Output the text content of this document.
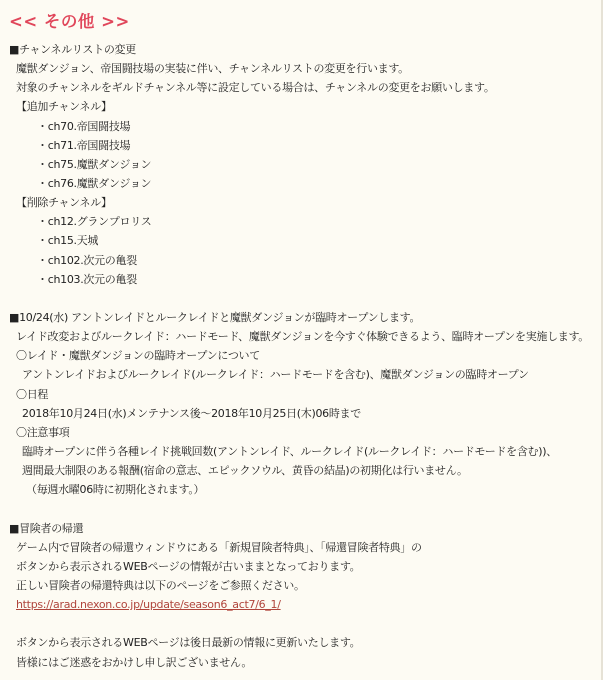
<< その他 >>
■チャンネルリストの変更
魔獣ダンジョン、帝国闘技場の実装に伴い、チャンネルリストの変更を行います。
対象のチャンネルをギルドチャンネル等に設定している場合は、チャンネルの変更をお願いします。
【追加チャンネル】
・ch70.帝国闘技場
・ch71.帝国闘技場
・ch75.魔獣ダンジョン
・ch76.魔獣ダンジョン
【削除チャンネル】
・ch12.グランプロリス
・ch15.天城
・ch102.次元の亀裂
・ch103.次元の亀裂
■10/24(水) アントンレイドとルークレイドと魔獣ダンジョンが臨時オープンします。
レイド改変およびルークレイド：ハードモード、魔獣ダンジョンを今すぐ体験できるよう、臨時オープンを実施します。
〇レイド・魔獣ダンジョンの臨時オープンについて
アントンレイドおよびルークレイド(ルークレイド：ハードモードを含む)、魔獣ダンジョンの臨時オープン
〇日程
2018年10月24日(水)メンテナンス後～2018年10月25日(木)06時まで
〇注意事項
臨時オープンに伴う各種レイド挑戦回数(アントンレイド、ルークレイド(ルークレイド：ハードモードを含む))、
週間最大制限のある報酬(宿命の意志、エピックソウル、黄昏の結晶)の初期化は行いません。
（毎週水曜06時に初期化されます。）
■冒険者の帰還
ゲーム内で冒険者の帰還ウィンドウにある「新規冒険者特典」、「帰還冒険者特典」の
ボタンから表示されるWEBページの情報が古いままとなっております。
正しい冒険者の帰還特典は以下のページをご参照ください。
https://arad.nexon.co.jp/update/season6_act7/6_1/
ボタンから表示されるWEBページは後日最新の情報に更新いたします。
皆様にはご迷惑をおかけし申し訳ございません。
